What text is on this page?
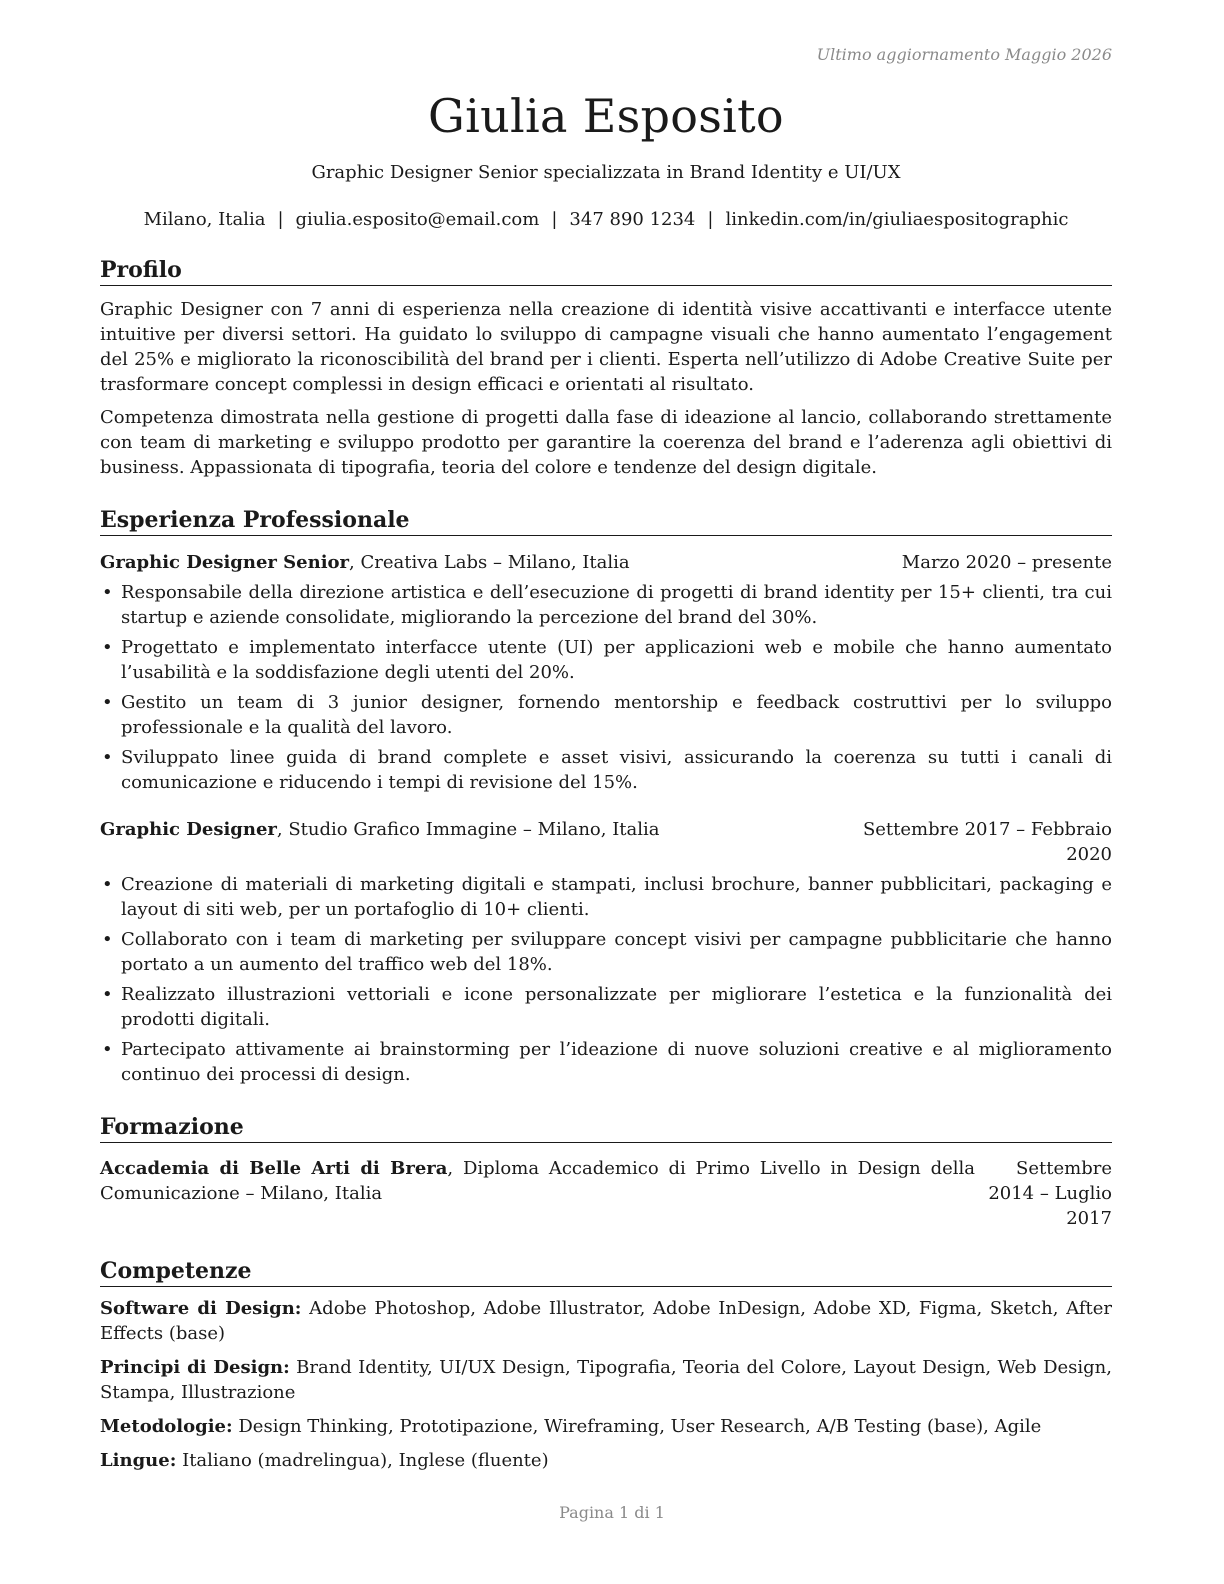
Ultimo aggiornamento Maggio 2026
Giulia Esposito
Graphic Designer Senior specializzata in Brand Identity e UI/UX
Milano, Italia | giulia.esposito@email.com | 347 890 1234 | linkedin.com/in/giuliaespositographic
Profilo

Graphic Designer con 7 anni di esperienza nella creazione di identità visive accattivanti e interfacce utente intuitive per diversi settori. Ha guidato lo sviluppo di campagne visuali che hanno aumentato l’engagement del 25% e migliorato la riconoscibilità del brand per i clienti. Esperta nell’utilizzo di Adobe Creative Suite per trasformare concept complessi in design efficaci e orientati al risultato.

Competenza dimostrata nella gestione di progetti dalla fase di ideazione al lancio, collaborando strettamente con team di marketing e sviluppo prodotto per garantire la coerenza del brand e l’aderenza agli obiettivi di business. Appassionata di tipografia, teoria del colore e tendenze del design digitale.

Esperienza Professionale
Graphic Designer Senior, Creativa Labs – Milano, Italia	Marzo 2020 – presente
• Responsabile della direzione artistica e dell’esecuzione di progetti di brand identity per 15+ clienti, tra cui startup e aziende consolidate, migliorando la percezione del brand del 30%.
• Progettato e implementato interfacce utente (UI) per applicazioni web e mobile che hanno aumentato l’usabilità e la soddisfazione degli utenti del 20%.
• Gestito un team di 3 junior designer, fornendo mentorship e feedback costruttivi per lo sviluppo professionale e la qualità del lavoro.
• Sviluppato linee guida di brand complete e asset visivi, assicurando la coerenza su tutti i canali di comunicazione e riducendo i tempi di revisione del 15%.
Graphic Designer, Studio Grafico Immagine – Milano, Italia	Settembre 2017 – Febbraio 2020
• Creazione di materiali di marketing digitali e stampati, inclusi brochure, banner pubblicitari, packaging e layout di siti web, per un portafoglio di 10+ clienti.
• Collaborato con i team di marketing per sviluppare concept visivi per campagne pubblicitarie che hanno portato a un aumento del traffico web del 18%.
• Realizzato illustrazioni vettoriali e icone personalizzate per migliorare l’estetica e la funzionalità dei prodotti digitali.
• Partecipato attivamente ai brainstorming per l’ideazione di nuove soluzioni creative e al miglioramento continuo dei processi di design.
Formazione
Accademia di Belle Arti di Brera, Diploma Accademico di Primo Livello in Design della Comunicazione – Milano, Italia
Settembre 2014 – Luglio 2017
Competenze
Software di Design: Adobe Photoshop, Adobe Illustrator, Adobe InDesign, Adobe XD, Figma, Sketch, After Effects (base)
Principi di Design: Brand Identity, UI/UX Design, Tipografia, Teoria del Colore, Layout Design, Web Design, Stampa, Illustrazione
Metodologie: Design Thinking, Prototipazione, Wireframing, User Research, A/B Testing (base), Agile
Lingue: Italiano (madrelingua), Inglese (fluente)
Pagina 1 di 1
